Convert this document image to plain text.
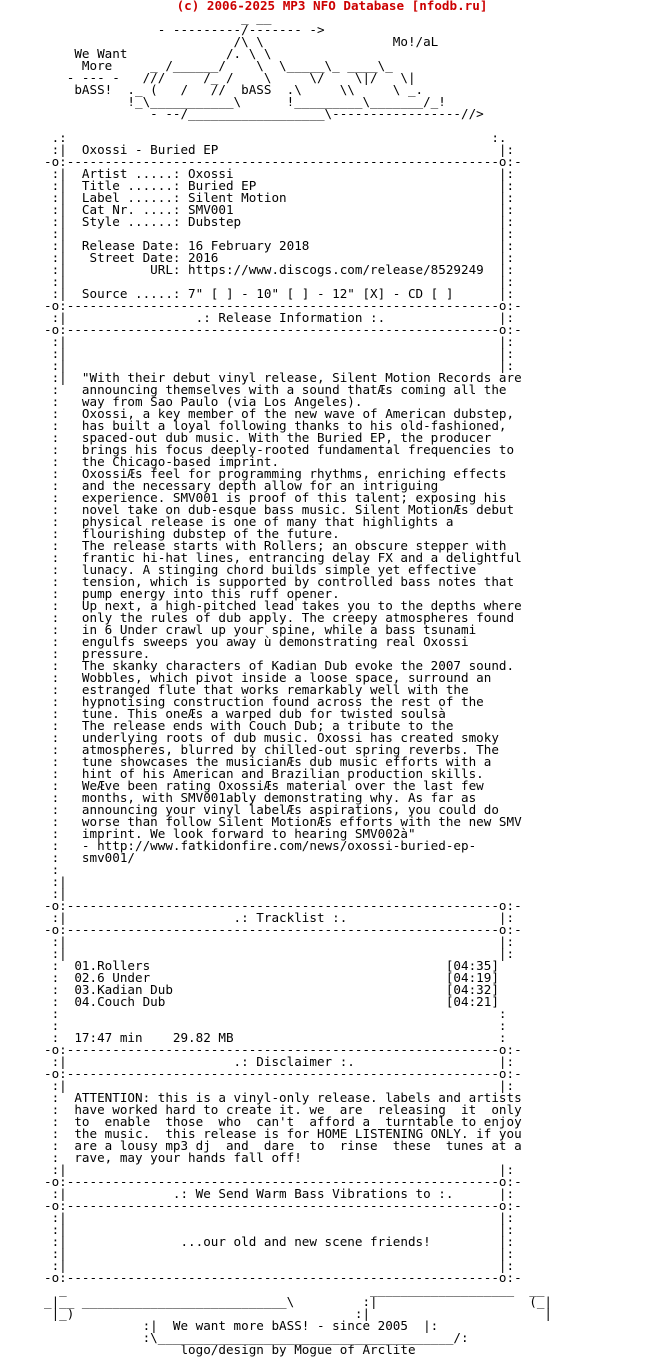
(c) 2006-2025 MP3 NFO Database [nfodb.ru]
_ __
- ---------/------- ->
/\ \                 Mo!/aL
We Want             /. \ \
More     _ /______/    \  \_____\_ ____\_
- --- -   ///     /_ /    \     \/    \|/   \|
bASS!  ._ (   /   //  bASS  .\     \\     \ _.
!_\___________\      !_________\_______/_!
- --/__________________\-----------------//>

.:                                                        :.
:|  Oxossi - Buried EP                                     |:
-o:---------------------------------------------------------o:-
:|  Artist .....: Oxossi                                   |:
:|  Title ......: Buried EP                                |:
:|  Label ......: Silent Motion                            |:
:|  Cat Nr. ....: SMV001                                   |:
:|  Style ......: Dubstep                                  |:
:|                                                         |:
:|  Release Date: 16 February 2018                         |:
:|   Street Date: 2016                                     |:
:|           URL: https://www.discogs.com/release/8529249  |:
:|                                                         |:
:|  Source .....: 7" [ ] - 10" [ ] - 12" [X] - CD [ ]      |:
-o:---------------------------------------------------------o:-
:|                 .: Release Information :.               |:
-o:---------------------------------------------------------o:-
:|                                                         |:
:|                                                         |:
:|                                                         |:
:|  "With their debut vinyl release, Silent Motion Records are
:   announcing themselves with a sound thatÆs coming all the
:   way from Sao Paulo (via Los Angeles).
:   Oxossi, a key member of the new wave of American dubstep,
:   has built a loyal following thanks to his old-fashioned,
:   spaced-out dub music. With the Buried EP, the producer
:   brings his focus deeply-rooted fundamental frequencies to
:   the Chicago-based imprint.
:   OxossiÆs feel for programming rhythms, enriching effects
:   and the necessary depth allow for an intriguing
:   experience. SMV001 is proof of this talent; exposing his
:   novel take on dub-esque bass music. Silent MotionÆs debut
:   physical release is one of many that highlights a
:   flourishing dubstep of the future.
:   The release starts with Rollers; an obscure stepper with
:   frantic hi-hat lines, entrancing delay FX and a delightful
:   lunacy. A stinging chord builds simple yet effective
:   tension, which is supported by controlled bass notes that
:   pump energy into this ruff opener.
:   Up next, a high-pitched lead takes you to the depths where
:   only the rules of dub apply. The creepy atmospheres found
:   in 6 Under crawl up your spine, while a bass tsunami
:   engulfs sweeps you away ù demonstrating real Oxossi
:   pressure.
:   The skanky characters of Kadian Dub evoke the 2007 sound.
:   Wobbles, which pivot inside a loose space, surround an
:   estranged flute that works remarkably well with the
:   hypnotising construction found across the rest of the
:   tune. This oneÆs a warped dub for twisted soulsà
:   The release ends with Couch Dub; a tribute to the
:   underlying roots of dub music. Oxossi has created smoky
:   atmospheres, blurred by chilled-out spring reverbs. The
:   tune showcases the musicianÆs dub music efforts with a
:   hint of his American and Brazilian production skills.
:   WeÆve been rating OxossiÆs material over the last few
:   months, with SMV001ably demonstrating why. As far as
:   announcing your vinyl labelÆs aspirations, you could do
:   worse than follow Silent MotionÆs efforts with the new SMV
:   imprint. We look forward to hearing SMV002à"
:   - http://www.fatkidonfire.com/news/oxossi-buried-ep-
:   smv001/
:
:|
:|
-o:---------------------------------------------------------o:-
:|                      .: Tracklist :.                    |:
-o:---------------------------------------------------------o:-
:|                                                         |:
:|                                                         |:
:  01.Rollers                                       [04:35]
:  02.6 Under                                       [04:19]
:  03.Kadian Dub                                    [04:32]
:  04.Couch Dub                                     [04:21]
:                                                          :
:                                                          :
:  17:47 min    29.82 MB                                   :
-o:---------------------------------------------------------o:-
:|                      .: Disclaimer :.                   |:
-o:---------------------------------------------------------o:-
:|                                                         |:
:  ATTENTION: this is a vinyl-only release. labels and artists
:  have worked hard to create it. we  are  releasing  it  only
:  to  enable  those  who  can't  afford a  turntable to enjoy
:  the music.  this release is for HOME LISTENING ONLY. if you
:  are a lousy mp3 dj  and  dare  to  rinse  these  tunes at a
:  rave, may your hands fall off!
:|                                                         |:
-o:---------------------------------------------------------o:-
:|              .: We Send Warm Bass Vibrations to :.      |:
-o:---------------------------------------------------------o:-
:|                                                         |:
:|                                                         |:
:|               ...our old and new scene friends!         |:
:|                                                         |:
:|                                                         |:
-o:---------------------------------------------------------o:-
_                                        ___________________  __
_|__ ___________________________\         :|                    (_|
|_)                                     :|                       |
:|  We want more bASS! - since 2005  |:
:\_______________________________________/:
logo/design by Mogue of Arclite
